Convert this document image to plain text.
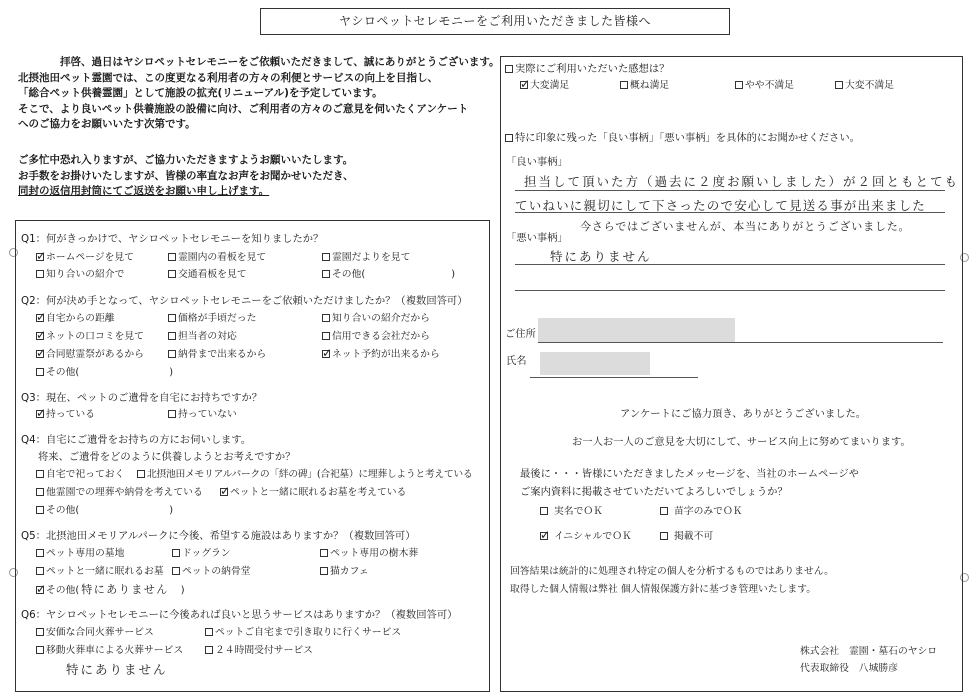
ヤシロペットセレモニーをご利用いただきました皆様へ
拝啓、過日はヤシロペットセレモニーをご依頼いただきまして、誠にありがとうございます。
北摂池田ペット霊園では、この度更なる利用者の方々の利便とサービスの向上を目指し、
「総合ペット供養霊園」として施設の拡充(リニューアル)を予定しています。
そこで、より良いペット供養施設の設備に向け、ご利用者の方々のご意見を伺いたくアンケート
へのご協力をお願いいたす次第です。
ご多忙中恐れ入りますが、ご協力いただきますようお願いいたします。
お手数をお掛けいたしますが、皆様の率直なお声をお聞かせいただき、
同封の返信用封筒にてご返送をお願い申し上げます。
Q1：何がきっかけで、ヤシロペットセレモニーを知りましたか？
✓ ホームページを見て	霊園内の看板を見て	霊園だよりを見て
知り合いの紹介で	交通看板を見て	その他(	)
Q2：何が決め手となって、ヤシロペットセレモニーをご依頼いただけましたか？（複数回答可）
✓ 自宅からの距離	価格が手頃だった	知り合いの紹介だから
✓ ネットの口コミを見て	担当者の対応	信用できる会社だから
✓ 合同慰霊祭があるから	納骨まで出来るから	✓ ネット予約が出来るから
その他(	)
Q3：現在、ペットのご遺骨を自宅にお持ちですか？
✓ 持っている	持っていない
Q4：自宅にご遺骨をお持ちの方にお伺いします。
将来、ご遺骨をどのように供養しようとお考えですか？
自宅で祀っておく	北摂池田メモリアルパークの「絆の碑」(合祀墓）に埋葬しようと考えている
他霊園での埋葬や納骨を考えている ✓ ペットと一緒に眠れるお墓を考えている
その他(	)
Q5：北摂池田メモリアルパークに今後、希望する施設はありますか？（複数回答可）
ペット専用の墓地	ドッグラン	ペット専用の樹木葬
ペットと一緒に眠れるお墓	ペットの納骨堂	猫カフェ
✓ その他( 特にありません )
Q6：ヤシロペットセレモニーに今後あれば良いと思うサービスはありますか？（複数回答可）
安価な合同火葬サービス	ペットご自宅まで引き取りに行くサービス
移動火葬車による火葬サービス	２４時間受付サービス
特にありません
実際にご利用いただいた感想は？
✓ 大変満足	概ね満足	やや不満足	大変不満足
特に印象に残った「良い事柄」「悪い事柄」を具体的にお聞かせください。
「良い事柄」
担当して頂いた方（過去に２度お願いしました）が２回ともとても
ていねいに親切にして下さったので安心して見送る事が出来ました
今さらではございませんが、本当にありがとうございました。
「悪い事柄」
特にありません
ご住所
氏名
アンケートにご協力頂き、ありがとうございました。
お一人お一人のご意見を大切にして、サービス向上に努めてまいります。
最後に・・・皆様にいただきましたメッセージを、当社のホームページや
ご案内資料に掲載させていただいてよろしいでしょうか？
実名でＯＫ	苗字のみでＯＫ
✓ イニシャルでＯＫ	掲載不可
回答結果は統計的に処理され特定の個人を分析するものではありません。
取得した個人情報は弊社 個人情報保護方針に基づき管理いたします。
株式会社　霊園・墓石のヤシロ
代表取締役　八城勝彦
